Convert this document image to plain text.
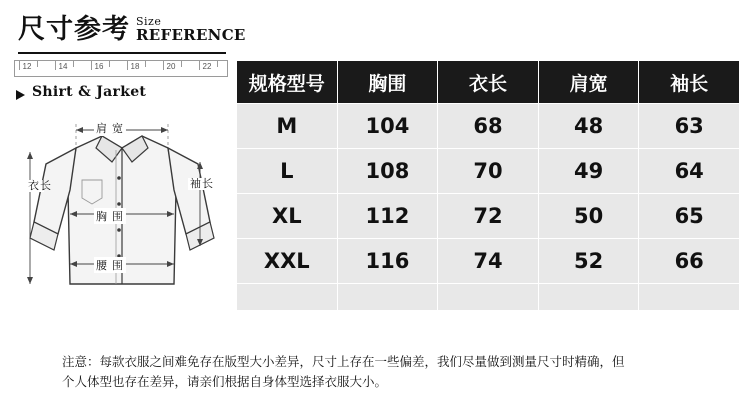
尺寸参考 Size
REFERENCE
12	14	16	18	20	22
Shirt & Jarket
肩 宽
胸 围
腰 围
衣长	袖长
规格型号	胸围	衣长	肩宽	袖长
M	104	68	48	63
L	108	70	49	64
XL	112	72	50	65
XXL	116	74	52	66

注意：每款衣服之间难免存在版型大小差异，尺寸上存在一些偏差，我们尽量做到测量尺寸时精确，但
个人体型也存在差异，请亲们根据自身体型选择衣服大小。
